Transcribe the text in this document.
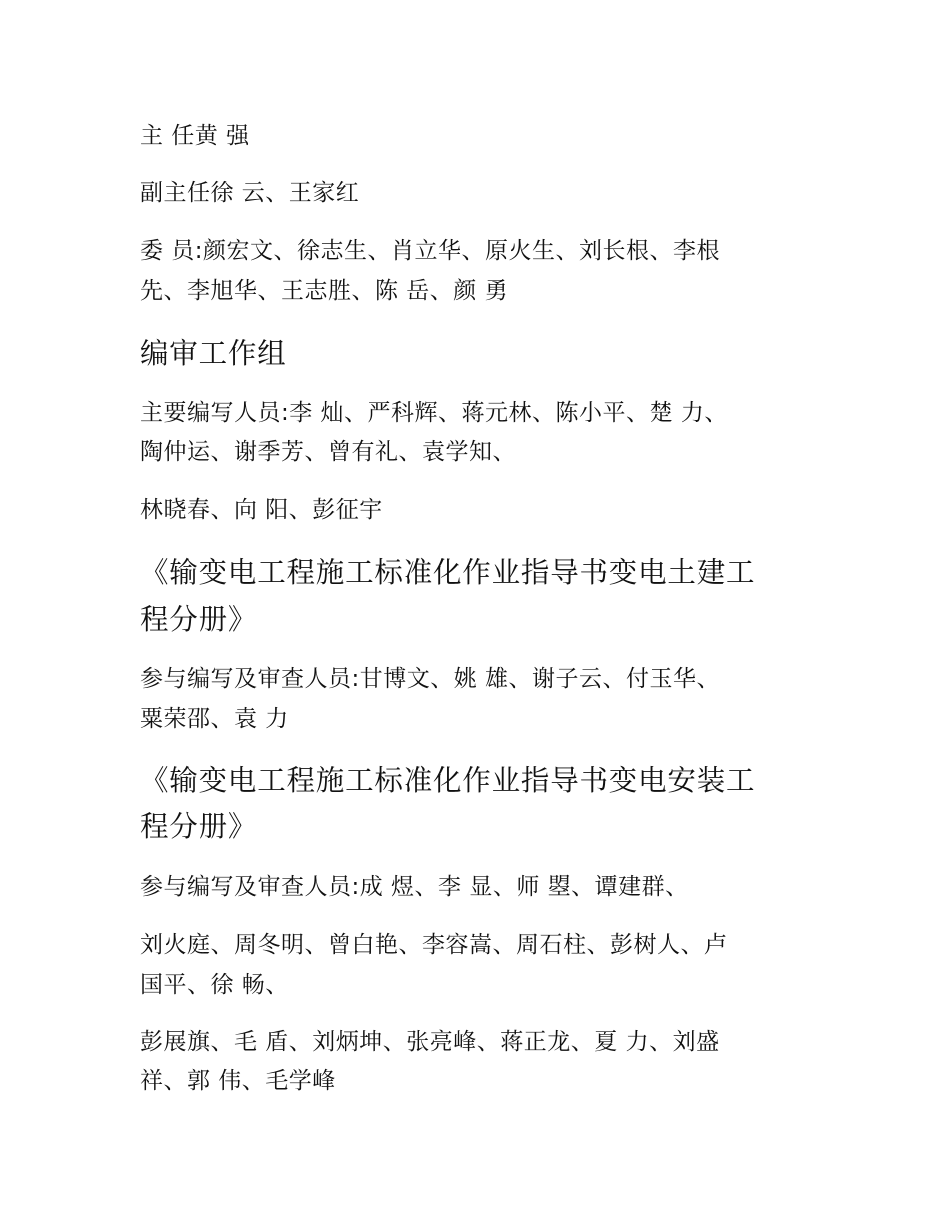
主 任黄 强

副主任徐 云、王家红

委 员:颜宏文、徐志生、肖立华、原火生、刘长根、李根

先、李旭华、王志胜、陈 岳、颜 勇

编审工作组

主要编写人员:李 灿、严科辉、蒋元林、陈小平、楚 力、

陶仲运、谢季芳、曾有礼、袁学知、

林晓春、向 阳、彭征宇

《输变电工程施工标准化作业指导书变电土建工
程分册》

参与编写及审查人员:甘博文、姚 雄、谢子云、付玉华、

粟荣邵、袁 力

《输变电工程施工标准化作业指导书变电安装工
程分册》

参与编写及审查人员:成 煜、李 显、师 曌、谭建群、

刘火庭、周冬明、曾白艳、李容嵩、周石柱、彭树人、卢

国平、徐 畅、

彭展旗、毛 盾、刘炳坤、张亮峰、蒋正龙、夏 力、刘盛

祥、郭 伟、毛学峰
